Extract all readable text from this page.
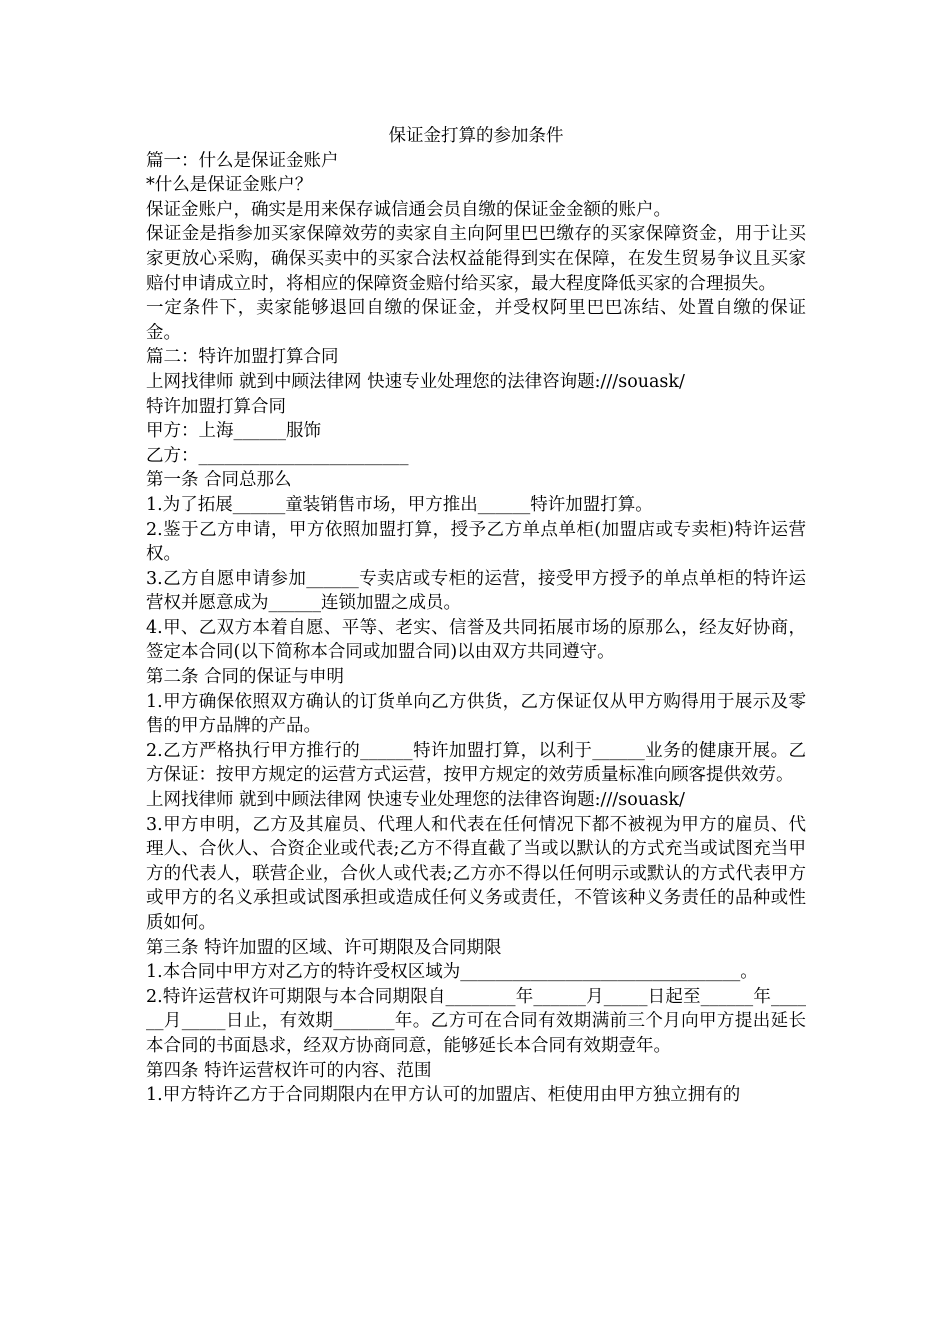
保证金打算的参加条件

篇一：什么是保证金账户

*什么是保证金账户？

保证金账户，确实是用来保存诚信通会员自缴的保证金金额的账户。

保证金是指参加买家保障效劳的卖家自主向阿里巴巴缴存的买家保障资金，用于让买家更放心采购，确保买卖中的买家合法权益能得到实在保障，在发生贸易争议且买家赔付申请成立时，将相应的保障资金赔付给买家，最大程度降低买家的合理损失。

一定条件下，卖家能够退回自缴的保证金，并受权阿里巴巴冻结、处置自缴的保证金。

篇二：特许加盟打算合同

上网找律师 就到中顾法律网 快速专业处理您的法律咨询题:///souask/

特许加盟打算合同

甲方：上海______服饰

乙方：________________________

第一条 合同总那么

1.为了拓展______童装销售市场，甲方推出______特许加盟打算。

2.鉴于乙方申请，甲方依照加盟打算，授予乙方单点单柜(加盟店或专卖柜)特许运营权。

3.乙方自愿申请参加______专卖店或专柜的运营，接受甲方授予的单点单柜的特许运营权并愿意成为______连锁加盟之成员。

4.甲、乙双方本着自愿、平等、老实、信誉及共同拓展市场的原那么，经友好协商，签定本合同(以下简称本合同或加盟合同)以由双方共同遵守。

第二条 合同的保证与申明

1.甲方确保依照双方确认的订货单向乙方供货，乙方保证仅从甲方购得用于展示及零售的甲方品牌的产品。

2.乙方严格执行甲方推行的______特许加盟打算，以利于______业务的健康开展。乙方保证：按甲方规定的运营方式运营，按甲方规定的效劳质量标准向顾客提供效劳。

上网找律师 就到中顾法律网 快速专业处理您的法律咨询题:///souask/

3.甲方申明，乙方及其雇员、代理人和代表在任何情况下都不被视为甲方的雇员、代理人、合伙人、合资企业或代表;乙方不得直截了当或以默认的方式充当或试图充当甲方的代表人，联营企业，合伙人或代表;乙方亦不得以任何明示或默认的方式代表甲方或甲方的名义承担或试图承担或造成任何义务或责任，不管该种义务责任的品种或性质如何。

第三条 特许加盟的区域、许可期限及合同期限

1.本合同中甲方对乙方的特许受权区域为________________________________。

2.特许运营权许可期限与本合同期限自________年______月_____日起至______年______月_____日止，有效期_______年。乙方可在合同有效期满前三个月向甲方提出延长本合同的书面恳求，经双方协商同意，能够延长本合同有效期壹年。

第四条 特许运营权许可的内容、范围

1.甲方特许乙方于合同期限内在甲方认可的加盟店、柜使用由甲方独立拥有的
